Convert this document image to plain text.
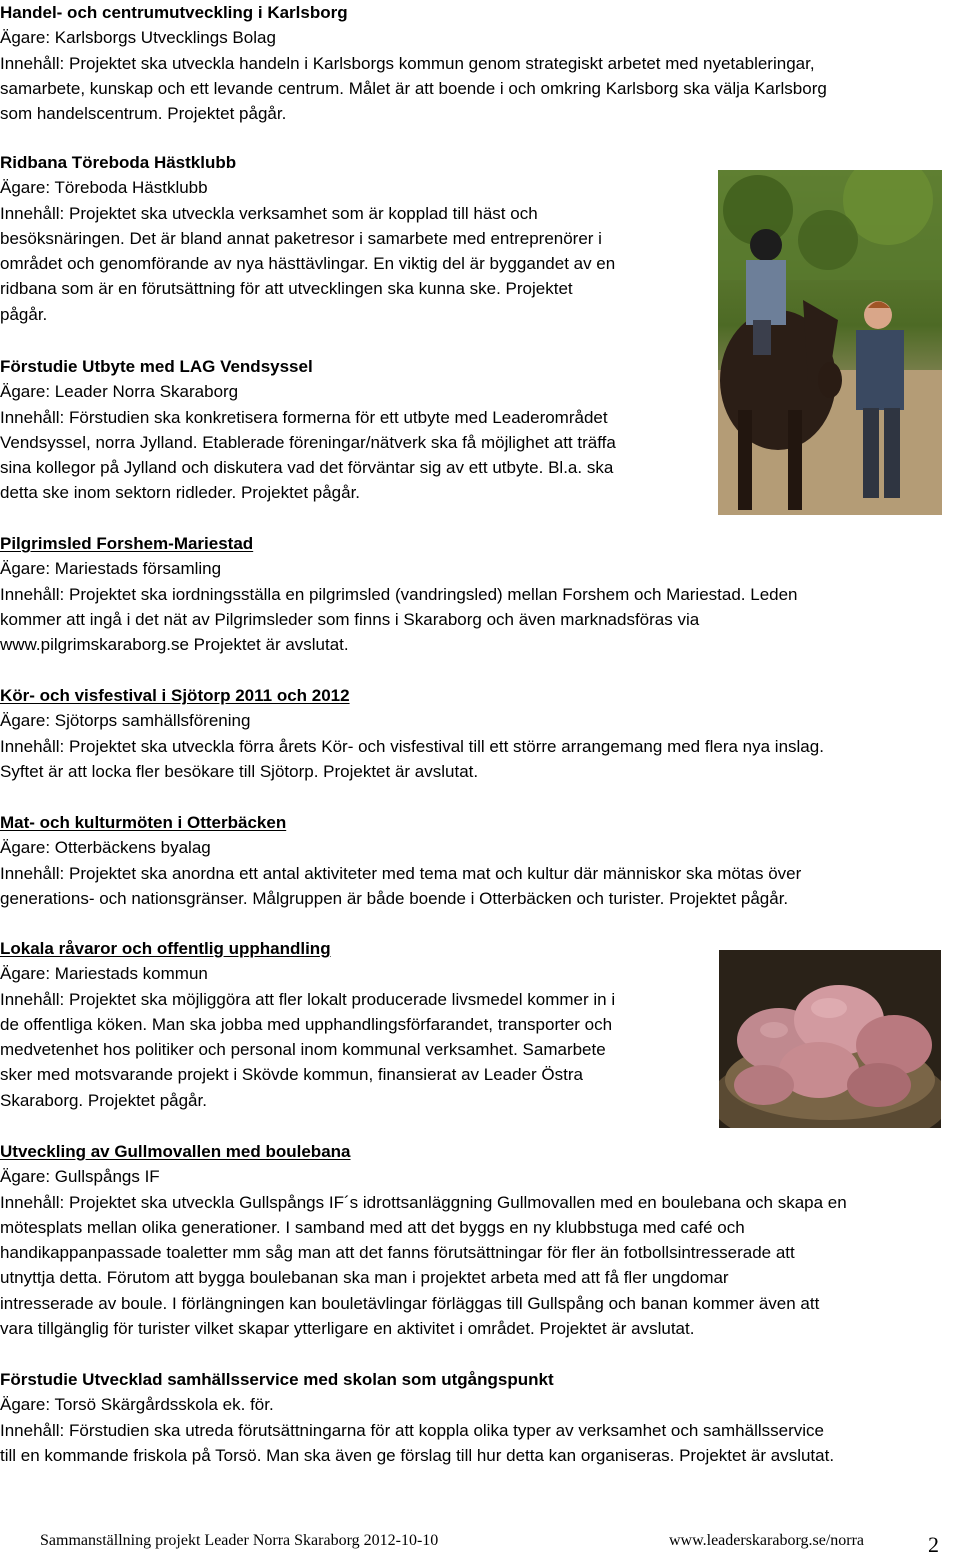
Handel- och centrumutveckling i Karlsborg

Ägare: Karlsborgs Utvecklings Bolag

Innehåll: Projektet ska utveckla handeln i Karlsborgs kommun genom strategiskt arbetet med nyetableringar,

samarbete, kunskap och ett levande centrum. Målet är att boende i och omkring Karlsborg ska välja Karlsborg

som handelscentrum. Projektet pågår.

Ridbana Töreboda Hästklubb

Ägare: Töreboda Hästklubb

Innehåll: Projektet ska utveckla verksamhet som är kopplad till häst och

besöksnäringen. Det är bland annat paketresor i samarbete med entreprenörer i

området och genomförande av nya hästtävlingar. En viktig del är byggandet av en

ridbana som är en förutsättning för att utvecklingen ska kunna ske. Projektet

pågår.

Förstudie Utbyte med LAG Vendsyssel

Ägare: Leader Norra Skaraborg

Innehåll: Förstudien ska konkretisera formerna för ett utbyte med Leaderområdet

Vendsyssel, norra Jylland. Etablerade föreningar/nätverk ska få möjlighet att träffa

sina kollegor på Jylland och diskutera vad det förväntar sig av ett utbyte. Bl.a. ska

detta ske inom sektorn ridleder. Projektet pågår.

Pilgrimsled Forshem-Mariestad

Ägare: Mariestads församling

Innehåll: Projektet ska iordningsställa en pilgrimsled (vandringsled) mellan Forshem och Mariestad. Leden

kommer att ingå i det nät av Pilgrimsleder som finns i Skaraborg och även marknadsföras via

www.pilgrimskaraborg.se Projektet är avslutat.

Kör- och visfestival i Sjötorp 2011 och 2012

Ägare: Sjötorps samhällsförening

Innehåll: Projektet ska utveckla förra årets Kör- och visfestival till ett större arrangemang med flera nya inslag.

Syftet är att locka fler besökare till Sjötorp. Projektet är avslutat.

Mat- och kulturmöten i Otterbäcken

Ägare: Otterbäckens byalag

Innehåll: Projektet ska anordna ett antal aktiviteter med tema mat och kultur där människor ska mötas över

generations- och nationsgränser. Målgruppen är både boende i Otterbäcken och turister. Projektet pågår.

Lokala råvaror och offentlig upphandling

Ägare: Mariestads kommun

Innehåll: Projektet ska möjliggöra att fler lokalt producerade livsmedel kommer in i

de offentliga köken. Man ska jobba med upphandlingsförfarandet, transporter och

medvetenhet hos politiker och personal inom kommunal verksamhet. Samarbete

sker med motsvarande projekt i Skövde kommun, finansierat av Leader Östra

Skaraborg. Projektet pågår.

Utveckling av Gullmovallen med boulebana

Ägare: Gullspångs IF

Innehåll: Projektet ska utveckla Gullspångs IF´s idrottsanläggning Gullmovallen med en boulebana och skapa en

mötesplats mellan olika generationer. I samband med att det byggs en ny klubbstuga med café och

handikappanpassade toaletter mm såg man att det fanns förutsättningar för fler än fotbollsintresserade att

utnyttja detta. Förutom att bygga boulebanan ska man i projektet arbeta med att få fler ungdomar

intresserade av boule. I förlängningen kan bouletävlingar förläggas till Gullspång och banan kommer även att

vara tillgänglig för turister vilket skapar ytterligare en aktivitet i området. Projektet är avslutat.

Förstudie Utvecklad samhällsservice med skolan som utgångspunkt

Ägare: Torsö Skärgårdsskola ek. för.

Innehåll: Förstudien ska utreda förutsättningarna för att koppla olika typer av verksamhet och samhällsservice

till en kommande friskola på Torsö. Man ska även ge förslag till hur detta kan organiseras. Projektet är avslutat.

Sammanställning projekt Leader Norra Skaraborg 2012-10-10	www.leaderskaraborg.se/norra	2
